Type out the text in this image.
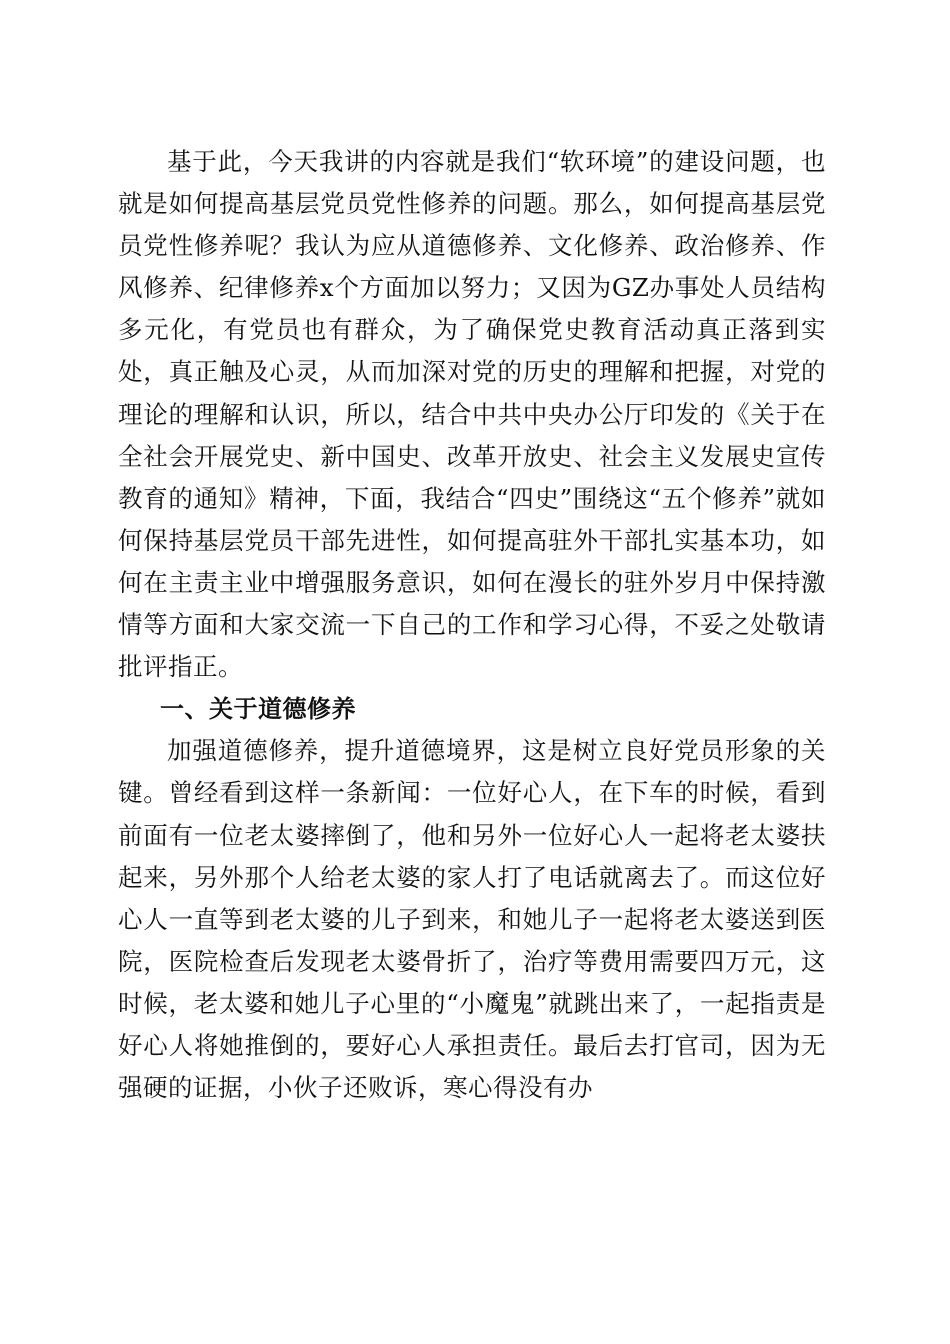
基于此，今天我讲的内容就是我们“软环境”的建设问题，也就是如何提高基层党员党性修养的问题。那么，如何提高基层党员党性修养呢？我认为应从道德修养、文化修养、政治修养、作风修养、纪律修养x个方面加以努力；又因为GZ办事处人员结构多元化，有党员也有群众，为了确保党史教育活动真正落到实处，真正触及心灵，从而加深对党的历史的理解和把握，对党的理论的理解和认识，所以，结合中共中央办公厅印发的《关于在全社会开展党史、新中国史、改革开放史、社会主义发展史宣传教育的通知》精神，下面，我结合“四史”围绕这“五个修养”就如何保持基层党员干部先进性，如何提高驻外干部扎实基本功，如何在主责主业中增强服务意识，如何在漫长的驻外岁月中保持激情等方面和大家交流一下自己的工作和学习心得，不妥之处敬请批评指正。

一、关于道德修养

加强道德修养，提升道德境界，这是树立良好党员形象的关键。曾经看到这样一条新闻：一位好心人，在下车的时候，看到前面有一位老太婆摔倒了，他和另外一位好心人一起将老太婆扶起来，另外那个人给老太婆的家人打了电话就离去了。而这位好心人一直等到老太婆的儿子到来，和她儿子一起将老太婆送到医院，医院检查后发现老太婆骨折了，治疗等费用需要四万元，这时候，老太婆和她儿子心里的“小魔鬼”就跳出来了，一起指责是好心人将她推倒的，要好心人承担责任。最后去打官司，因为无强硬的证据，小伙子还败诉，寒心得没有办
